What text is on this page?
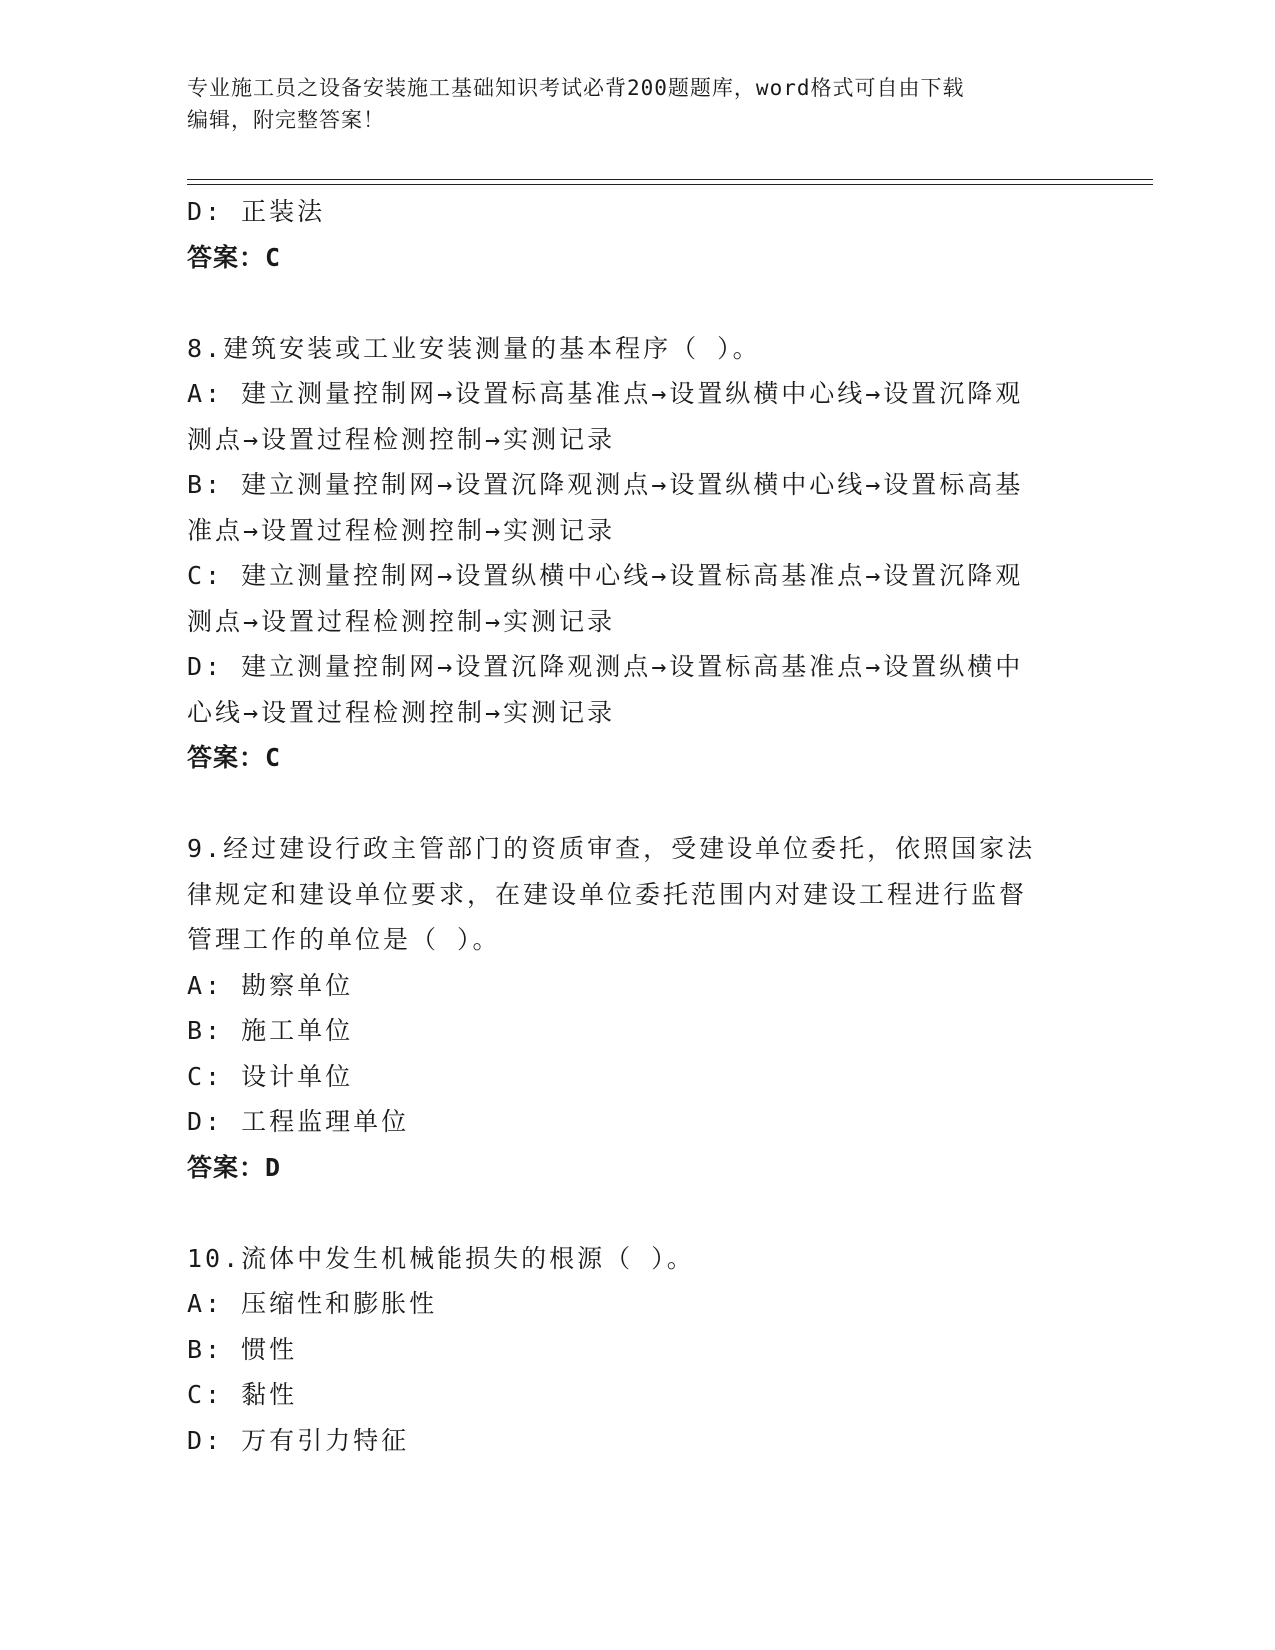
专业施工员之设备安装施工基础知识考试必背200题题库，word格式可自由下载
编辑，附完整答案！
D: 正装法
答案：C
8.建筑安装或工业安装测量的基本程序（ ）。
A: 建立测量控制网→设置标高基准点→设置纵横中心线→设置沉降观
测点→设置过程检测控制→实测记录
B: 建立测量控制网→设置沉降观测点→设置纵横中心线→设置标高基
准点→设置过程检测控制→实测记录
C: 建立测量控制网→设置纵横中心线→设置标高基准点→设置沉降观
测点→设置过程检测控制→实测记录
D: 建立测量控制网→设置沉降观测点→设置标高基准点→设置纵横中
心线→设置过程检测控制→实测记录
答案：C
9.经过建设行政主管部门的资质审查，受建设单位委托，依照国家法
律规定和建设单位要求，在建设单位委托范围内对建设工程进行监督
管理工作的单位是（ ）。
A: 勘察单位
B: 施工单位
C: 设计单位
D: 工程监理单位
答案：D
10.流体中发生机械能损失的根源（ ）。
A: 压缩性和膨胀性
B: 惯性
C: 黏性
D: 万有引力特征
